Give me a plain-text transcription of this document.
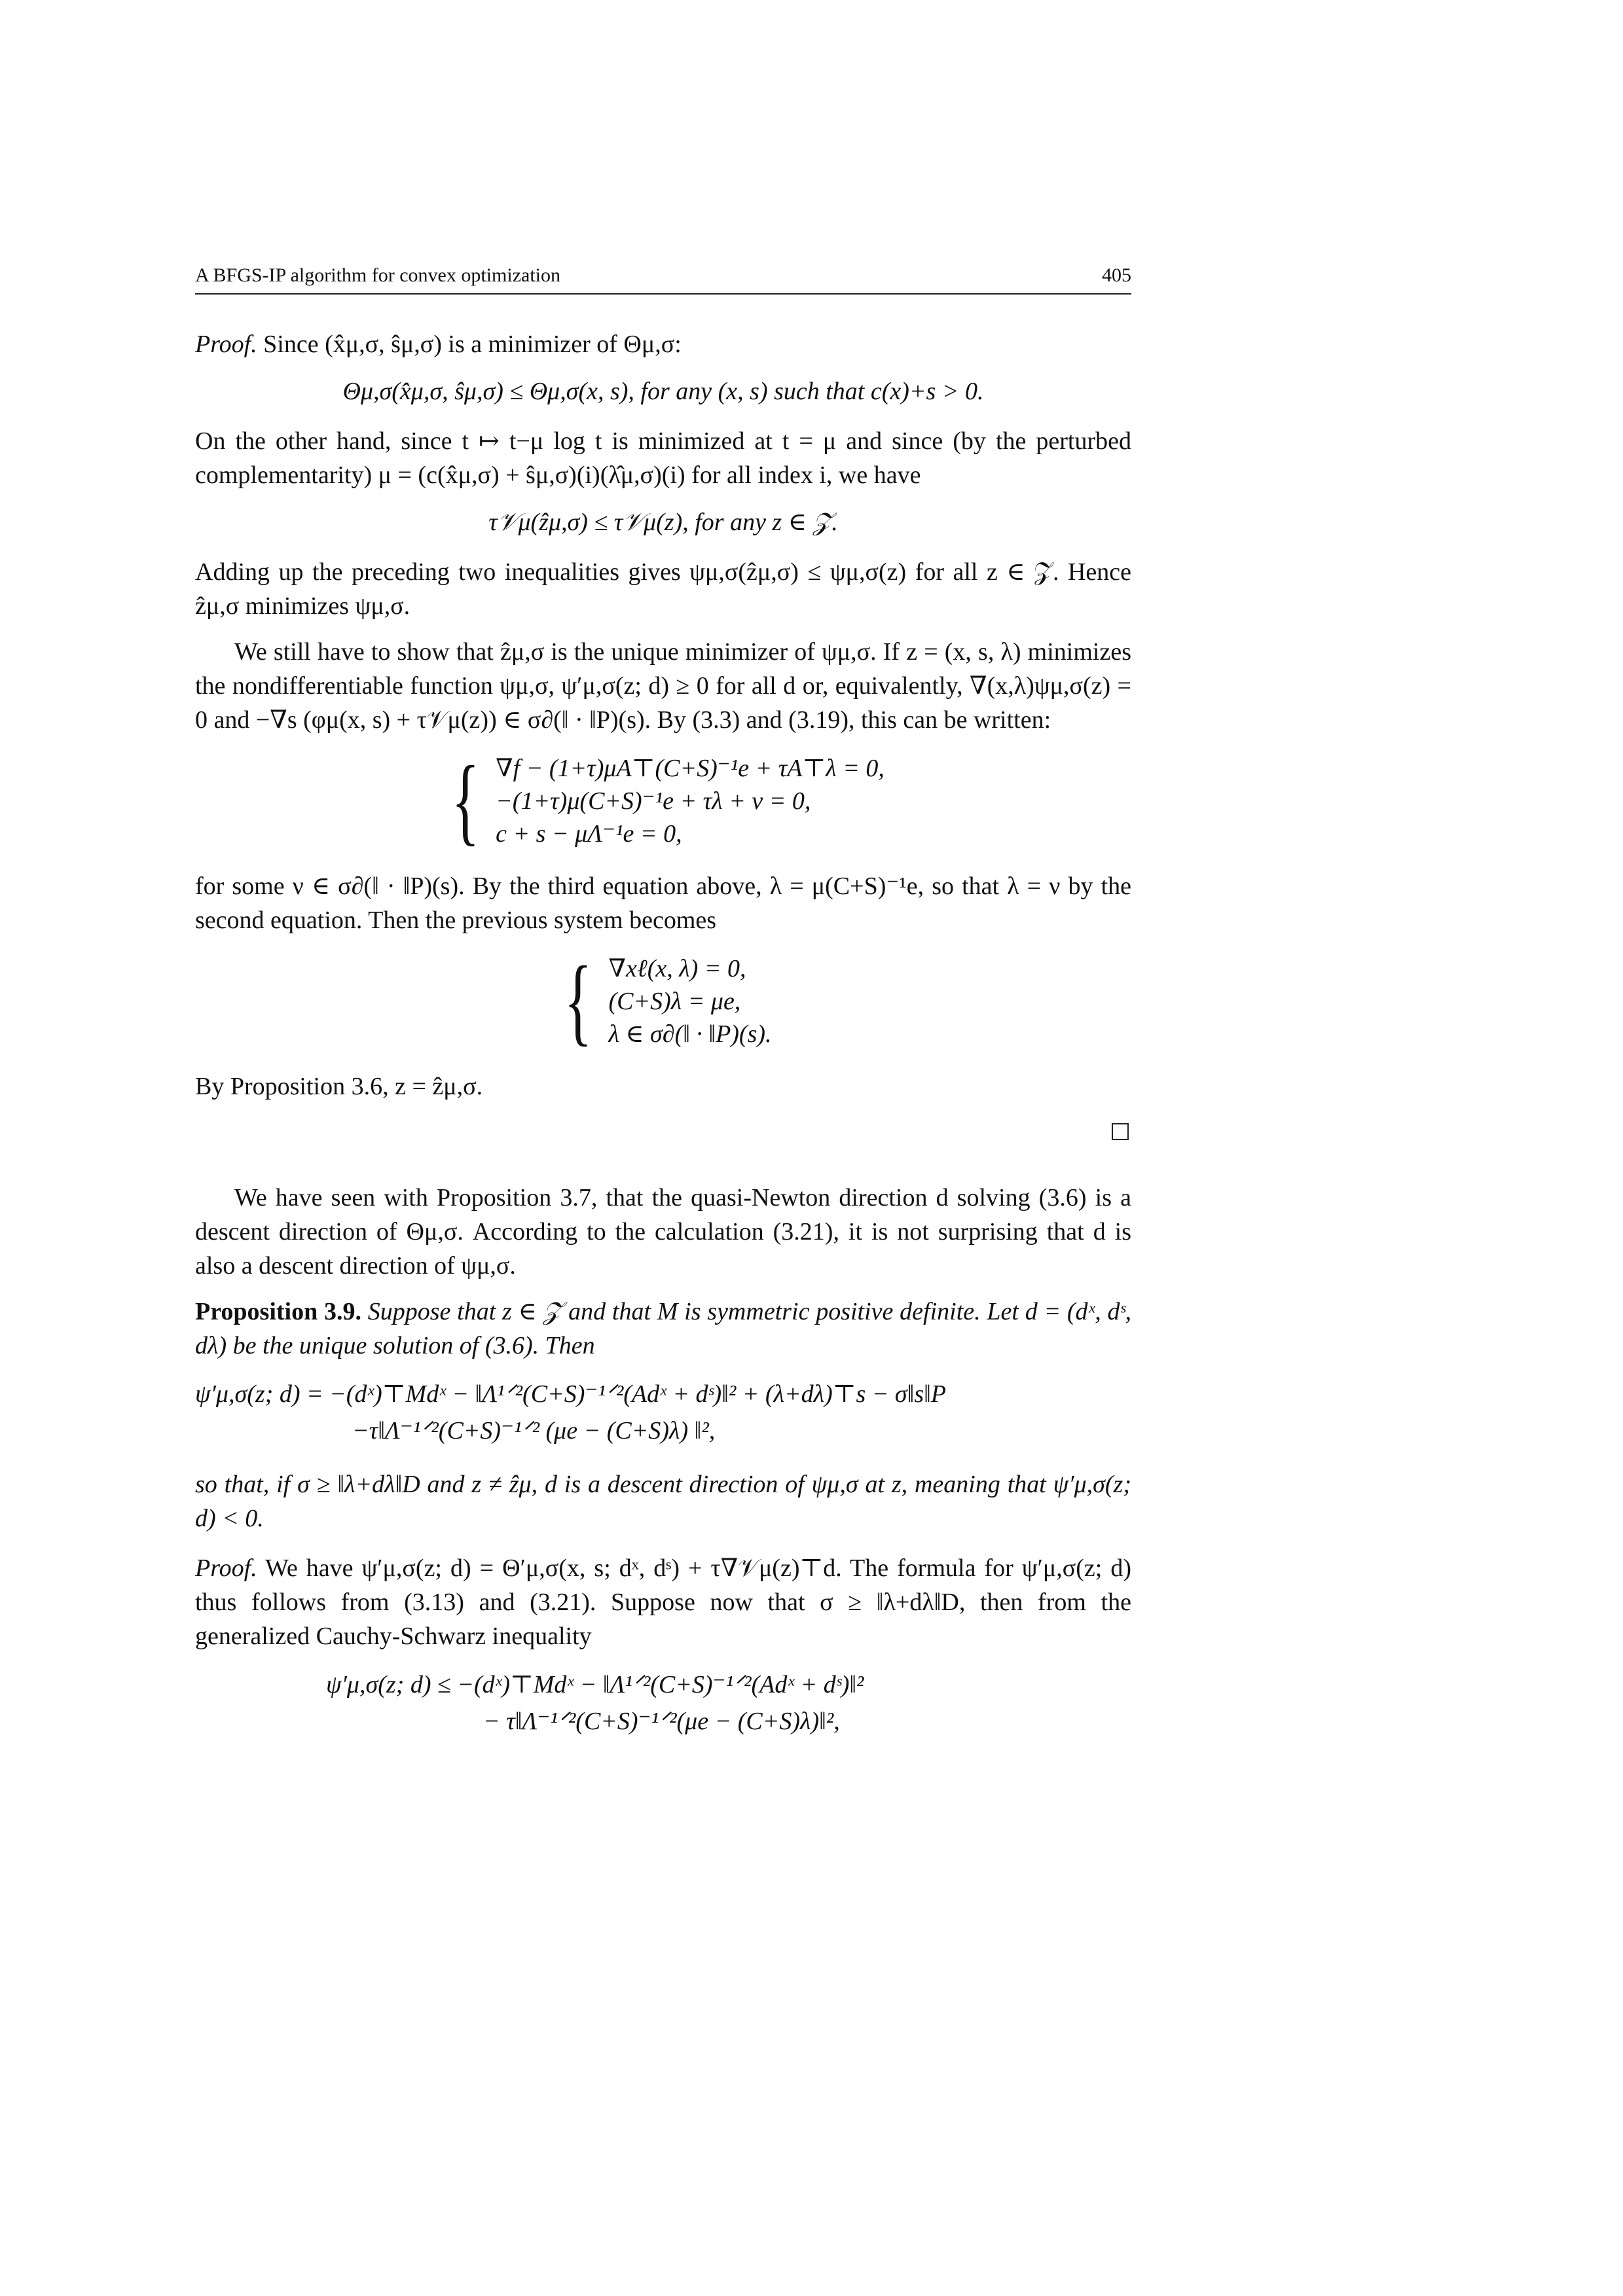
A BFGS-IP algorithm for convex optimization	405

Proof. Since (x̂μ,σ, ŝμ,σ) is a minimizer of Θμ,σ:

Θμ,σ(x̂μ,σ, ŝμ,σ) ≤ Θμ,σ(x, s), for any (x, s) such that c(x)+s > 0.

On the other hand, since t ↦ t−μ log t is minimized at t = μ and since (by the perturbed complementarity) μ = (c(x̂μ,σ) + ŝμ,σ)(i)(λ̂μ,σ)(i) for all index i, we have

τ𝒱μ(ẑμ,σ) ≤ τ𝒱μ(z), for any z ∈ 𝒵.

Adding up the preceding two inequalities gives ψμ,σ(ẑμ,σ) ≤ ψμ,σ(z) for all z ∈ 𝒵. Hence ẑμ,σ minimizes ψμ,σ.

We still have to show that ẑμ,σ is the unique minimizer of ψμ,σ. If z = (x, s, λ) minimizes the nondifferentiable function ψμ,σ, ψ′μ,σ(z; d) ≥ 0 for all d or, equivalently, ∇(x,λ)ψμ,σ(z) = 0 and −∇s (φμ(x, s) + τ𝒱μ(z)) ∈ σ∂(‖ · ‖P)(s). By (3.3) and (3.19), this can be written:

{ ∇f − (1+τ)μA⊤(C+S)⁻¹e + τA⊤λ = 0,
−(1+τ)μ(C+S)⁻¹e + τλ + ν = 0,
c + s − μΛ⁻¹e = 0,

for some ν ∈ σ∂(‖ · ‖P)(s). By the third equation above, λ = μ(C+S)⁻¹e, so that λ = ν by the second equation. Then the previous system becomes

{ ∇xℓ(x, λ) = 0,
(C+S)λ = μe,
λ ∈ σ∂(‖ · ‖P)(s).

By Proposition 3.6, z = ẑμ,σ.

We have seen with Proposition 3.7, that the quasi-Newton direction d solving (3.6) is a descent direction of Θμ,σ. According to the calculation (3.21), it is not surprising that d is also a descent direction of ψμ,σ.

Proposition 3.9. Suppose that z ∈ 𝒵 and that M is symmetric positive definite. Let d = (dˣ, dˢ, dλ) be the unique solution of (3.6). Then

ψ′μ,σ(z; d) = −(dˣ)⊤Mdˣ − ‖Λ¹ᐟ²(C+S)⁻¹ᐟ²(Adˣ + dˢ)‖² + (λ+dλ)⊤s − σ‖s‖P
−τ‖Λ⁻¹ᐟ²(C+S)⁻¹ᐟ² (μe − (C+S)λ) ‖²,

so that, if σ ≥ ‖λ+dλ‖D and z ≠ ẑμ, d is a descent direction of ψμ,σ at z, meaning that ψ′μ,σ(z; d) < 0.

Proof. We have ψ′μ,σ(z; d) = Θ′μ,σ(x, s; dˣ, dˢ) + τ∇𝒱μ(z)⊤d. The formula for ψ′μ,σ(z; d) thus follows from (3.13) and (3.21). Suppose now that σ ≥ ‖λ+dλ‖D, then from the generalized Cauchy-Schwarz inequality

ψ′μ,σ(z; d) ≤ −(dˣ)⊤Mdˣ − ‖Λ¹ᐟ²(C+S)⁻¹ᐟ²(Adˣ + dˢ)‖²
− τ‖Λ⁻¹ᐟ²(C+S)⁻¹ᐟ²(μe − (C+S)λ)‖²,
